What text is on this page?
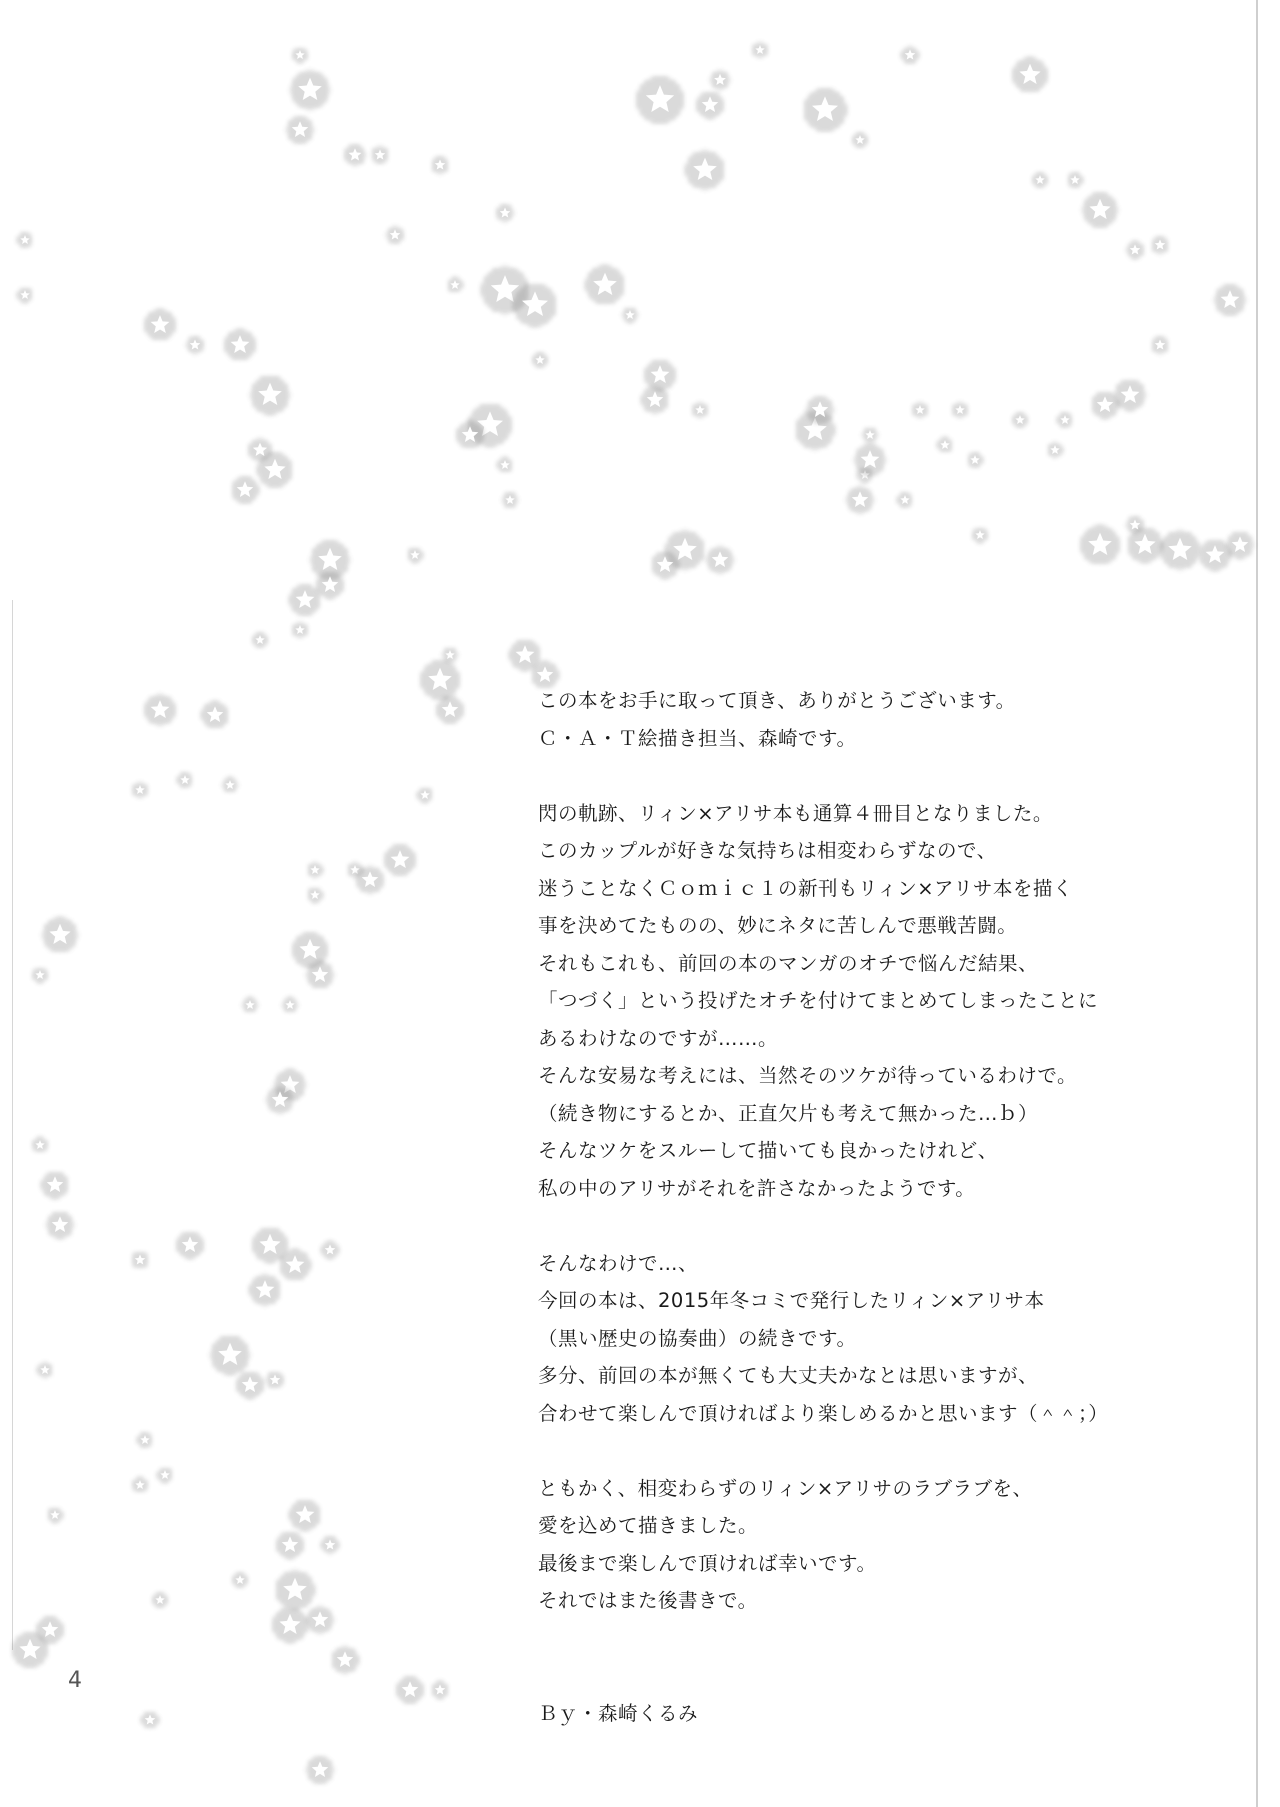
この本をお手に取って頂き、ありがとうございます。

Ｃ・Ａ・Ｔ絵描き担当、森崎です。

閃の軌跡、リィン×アリサ本も通算４冊目となりました。

このカップルが好きな気持ちは相変わらずなので、

迷うことなくＣｏｍｉｃ１の新刊もリィン×アリサ本を描く

事を決めてたものの、妙にネタに苦しんで悪戦苦闘。

それもこれも、前回の本のマンガのオチで悩んだ結果、

「つづく」という投げたオチを付けてまとめてしまったことに

あるわけなのですが……。

そんな安易な考えには、当然そのツケが待っているわけで。

（続き物にするとか、正直欠片も考えて無かった…ｂ）

そんなツケをスルーして描いても良かったけれど、

私の中のアリサがそれを許さなかったようです。

そんなわけで…、

今回の本は、2015年冬コミで発行したリィン×アリサ本

（黒い歴史の協奏曲）の続きです。

多分、前回の本が無くても大丈夫かなとは思いますが、

合わせて楽しんで頂ければより楽しめるかと思います（＾＾；）

ともかく、相変わらずのリィン×アリサのラブラブを、

愛を込めて描きました。

最後まで楽しんで頂ければ幸いです。

それではまた後書きで。

Ｂｙ・森崎くるみ

4
